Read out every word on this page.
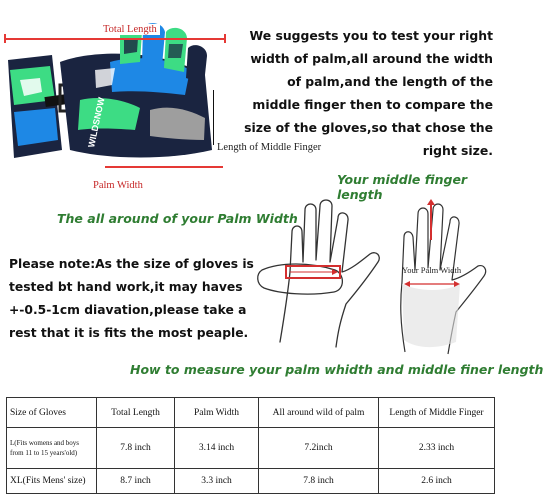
WILDSNOW
Total Length
Palm Width
Length of Middle Finger
We suggests you to test your right width of palm,all around the width of palm,and the length of the middle finger then to compare the size of the gloves,so that chose the right size.
Your middle finger length
The all around of your Palm Width
Your Palm Width
Please note:As the size of gloves is tested bt hand work,it may haves +-0.5-1cm diavation,please take a rest that it is fits the most peaple.
How to measure your palm whidth and middle finer length
Size of Gloves	Total Length	Palm Width	All around wild of palm	Length of Middle Finger

L(Fits womens and boys from 11 to 15 years'old)	7.8 inch	3.14 inch	7.2inch	2.33 inch
XL(Fits Mens' size)	8.7 inch	3.3 inch	7.8 inch	2.6 inch
